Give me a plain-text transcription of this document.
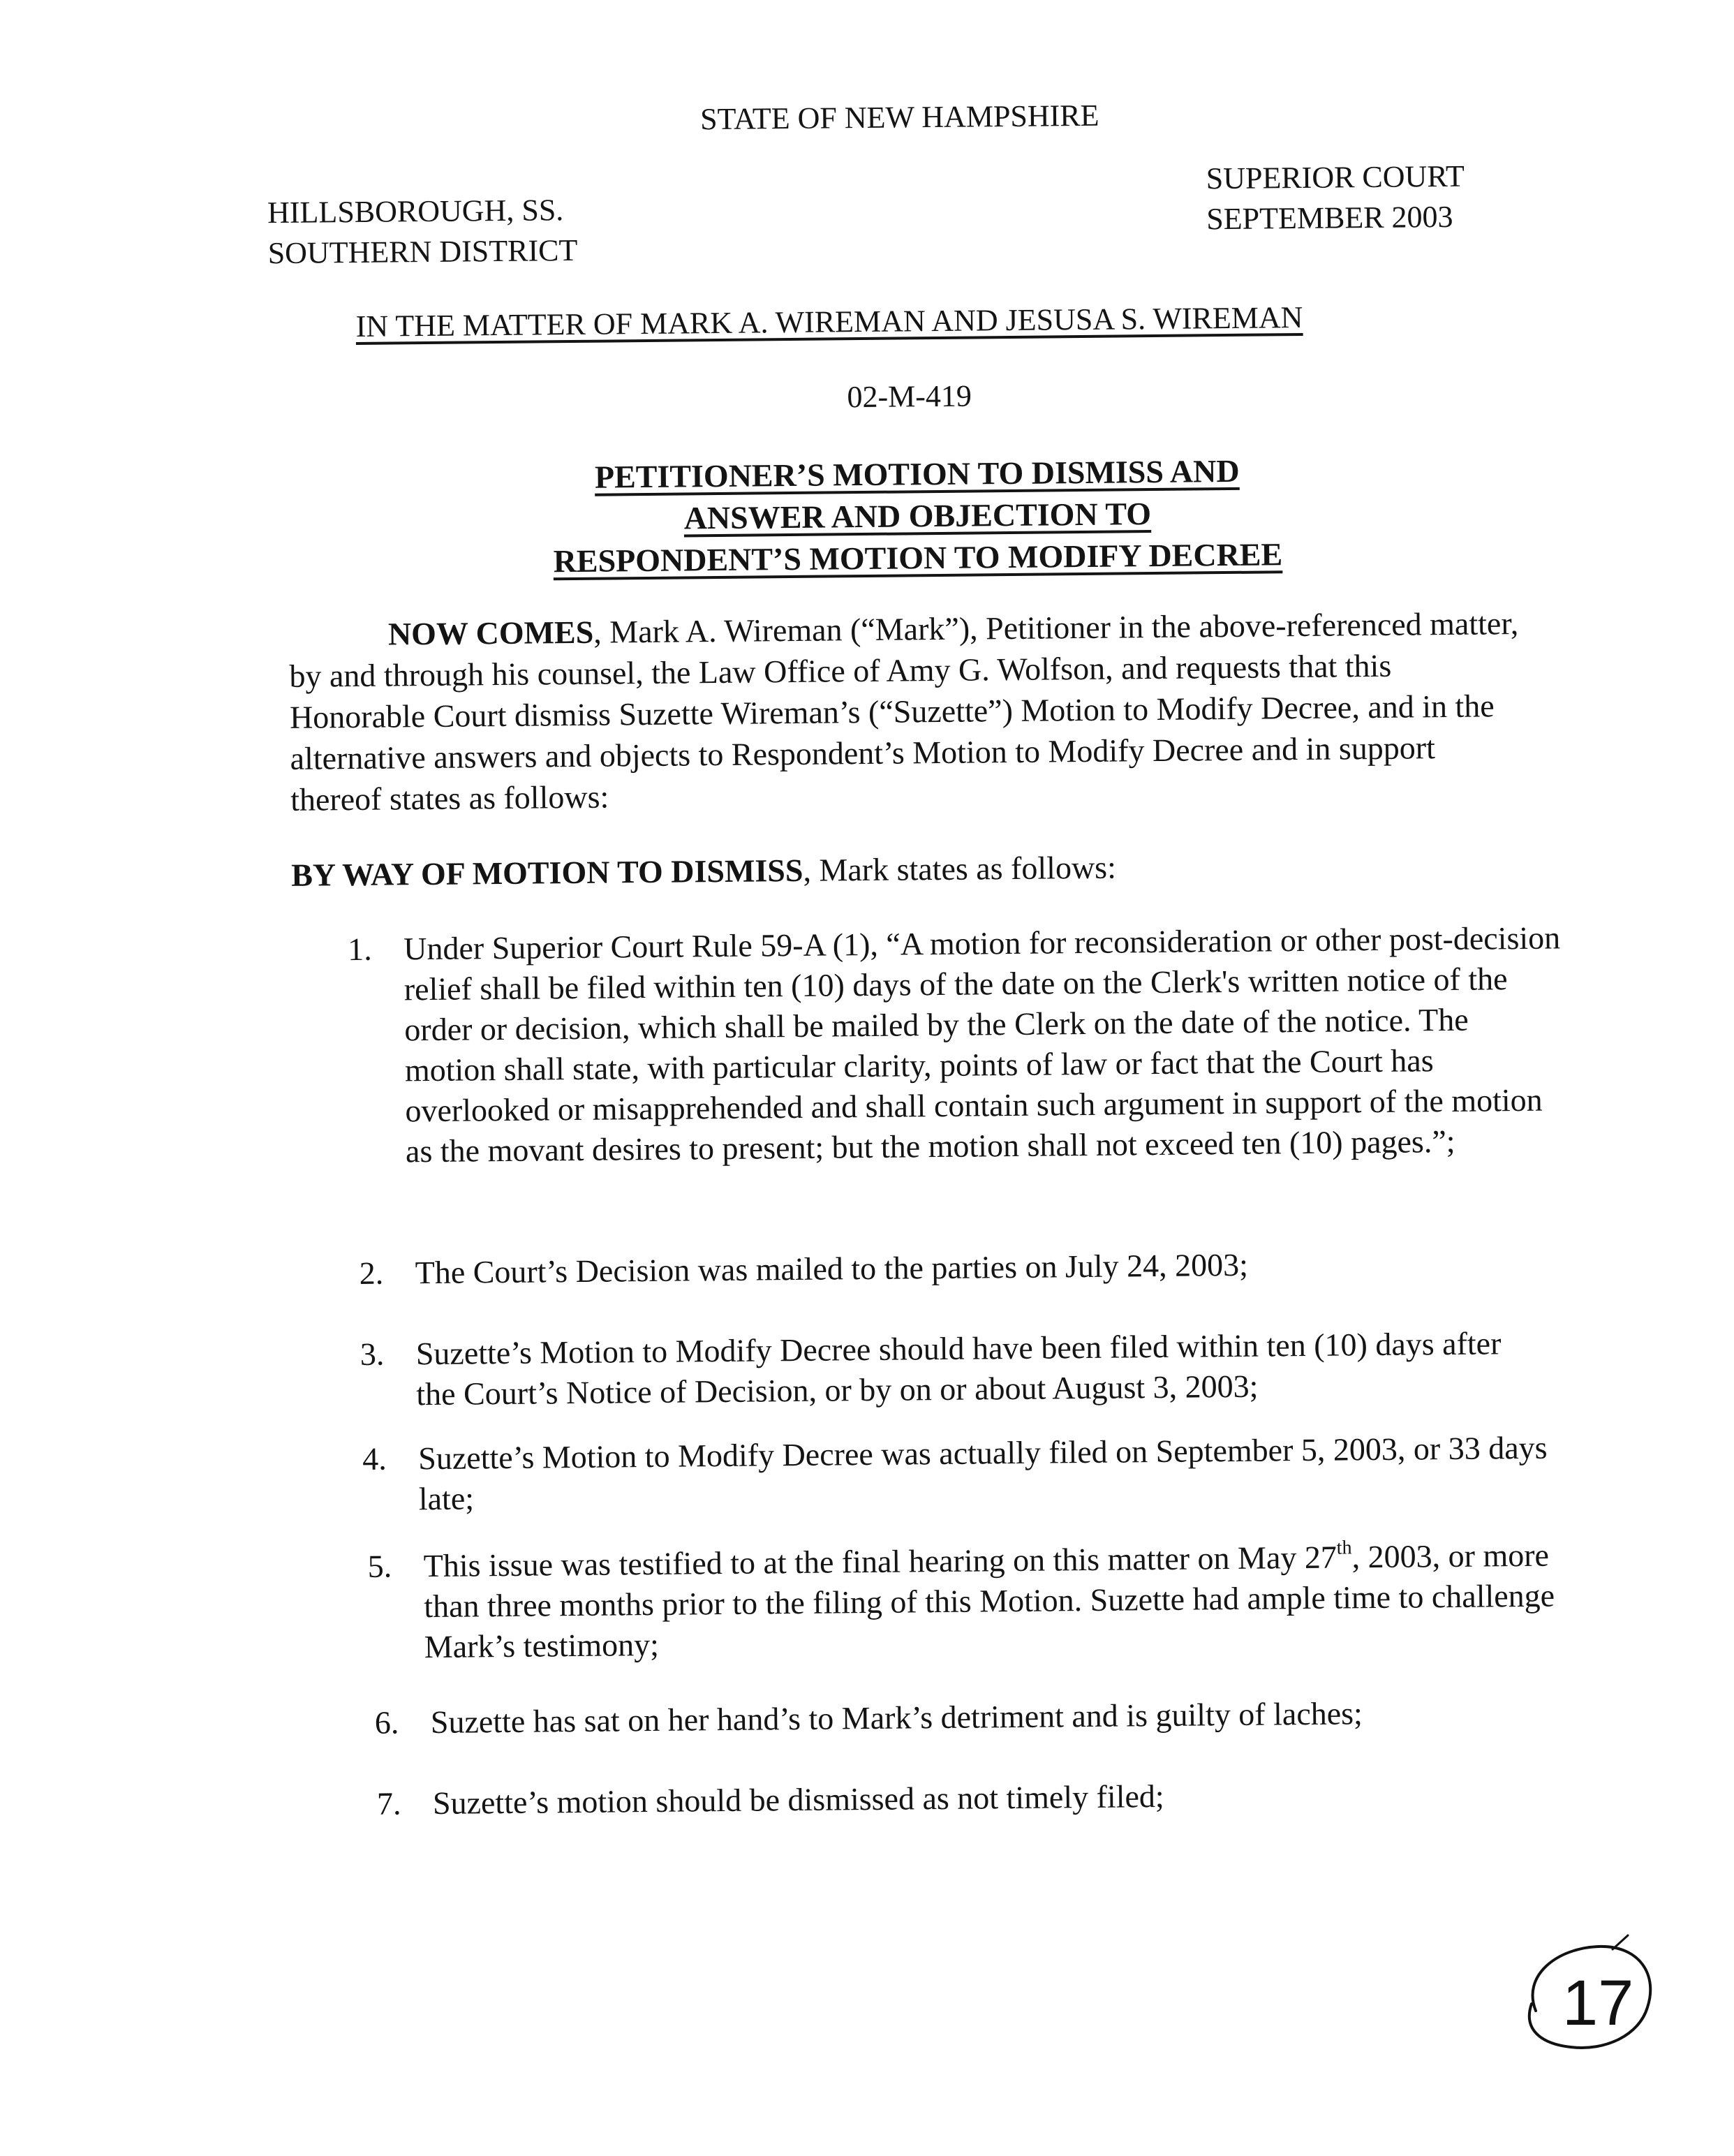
STATE OF NEW HAMPSHIRE
HILLSBOROUGH, SS.
SOUTHERN DISTRICT
SUPERIOR COURT
SEPTEMBER 2003
IN THE MATTER OF MARK A. WIREMAN AND JESUSA S. WIREMAN
02-M-419
PETITIONER’S MOTION TO DISMISS AND
ANSWER AND OBJECTION TO
RESPONDENT’S MOTION TO MODIFY DECREE
NOW COMES, Mark A. Wireman (“Mark”), Petitioner in the above-referenced matter, by and through his counsel, the Law Office of Amy G. Wolfson, and requests that this Honorable Court dismiss Suzette Wireman’s (“Suzette”) Motion to Modify Decree, and in the alternative answers and objects to Respondent’s Motion to Modify Decree and in support thereof states as follows:
BY WAY OF MOTION TO DISMISS, Mark states as follows:
1. Under Superior Court Rule 59-A (1), “A motion for reconsideration or other post-decision relief shall be filed within ten (10) days of the date on the Clerk's written notice of the order or decision, which shall be mailed by the Clerk on the date of the notice. The motion shall state, with particular clarity, points of law or fact that the Court has overlooked or misapprehended and shall contain such argument in support of the motion as the movant desires to present; but the motion shall not exceed ten (10) pages.”;
2. The Court’s Decision was mailed to the parties on July 24, 2003;
3. Suzette’s Motion to Modify Decree should have been filed within ten (10) days after the Court’s Notice of Decision, or by on or about August 3, 2003;
4. Suzette’s Motion to Modify Decree was actually filed on September 5, 2003, or 33 days late;
5. This issue was testified to at the final hearing on this matter on May 27th, 2003, or more than three months prior to the filing of this Motion. Suzette had ample time to challenge Mark’s testimony;
6. Suzette has sat on her hand’s to Mark’s detriment and is guilty of laches;
7. Suzette’s motion should be dismissed as not timely filed;
17
